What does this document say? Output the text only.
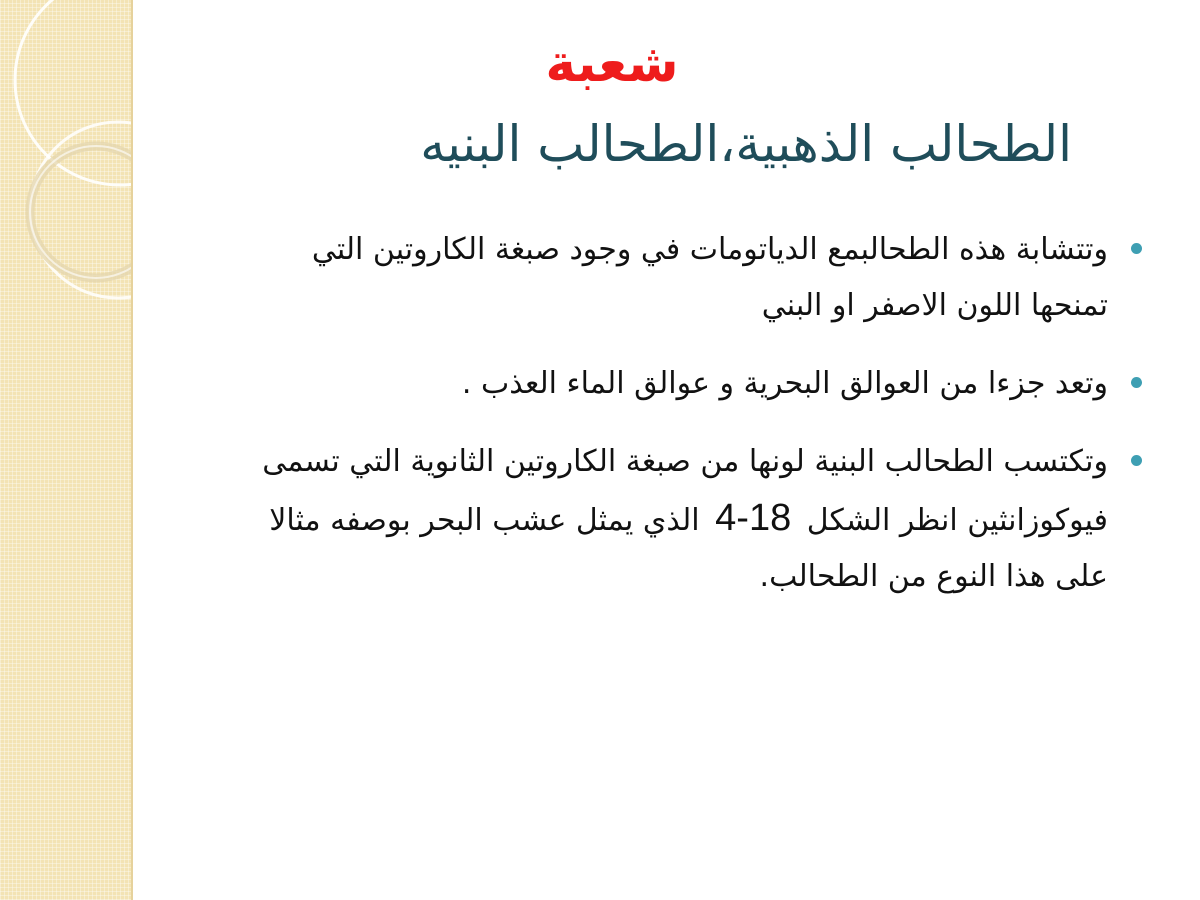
شعبة
الطحالب الذهبية،الطحالب البنيه
وتتشابة هذه الطحالبمع الدياتومات في وجود صبغة الكاروتين التي تمنحها اللون الاصفر او البني
وتعد جزءا من العوالق البحرية و عوالق الماء العذب .
وتكتسب الطحالب البنية لونها من صبغة الكاروتين الثانوية التي تسمى فيوكوزانثين انظر الشكل 4-18 الذي يمثل عشب البحر بوصفه مثالا على هذا النوع من الطحالب.
